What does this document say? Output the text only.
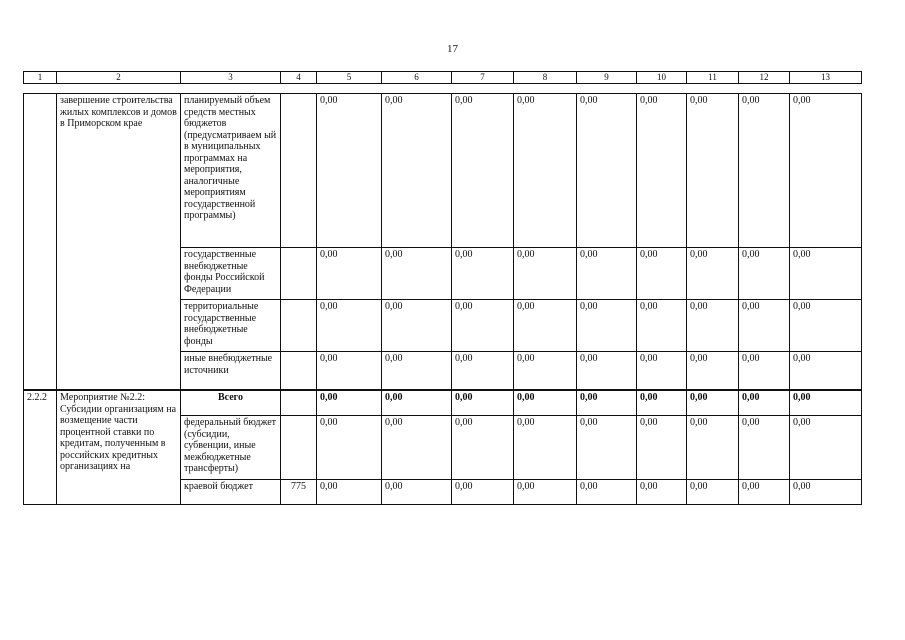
17
1	2	3	4	5	6	7	8	9	10	11	12	13
	завершение строительства жилых комплексов и домов в Приморском крае	планируемый объем средств местных бюджетов (предусматриваем ый в муниципальных программах на мероприятия, аналогичные мероприятиям государственной программы)		0,00	0,00	0,00	0,00	0,00	0,00	0,00	0,00	0,00
		государственные внебюджетные фонды Российской Федерации		0,00	0,00	0,00	0,00	0,00	0,00	0,00	0,00	0,00
		территориальные государственные внебюджетные фонды		0,00	0,00	0,00	0,00	0,00	0,00	0,00	0,00	0,00
		иные внебюджетные источники		0,00	0,00	0,00	0,00	0,00	0,00	0,00	0,00	0,00
2.2.2	Мероприятие №2.2: Субсидии организациям на возмещение части процентной ставки по кредитам, полученным в российских кредитных организациях на	Всего		0,00	0,00	0,00	0,00	0,00	0,00	0,00	0,00	0,00
		федеральный бюджет (субсидии, субвенции, иные межбюджетные трансферты)		0,00	0,00	0,00	0,00	0,00	0,00	0,00	0,00	0,00
		краевой бюджет	775	0,00	0,00	0,00	0,00	0,00	0,00	0,00	0,00	0,00
